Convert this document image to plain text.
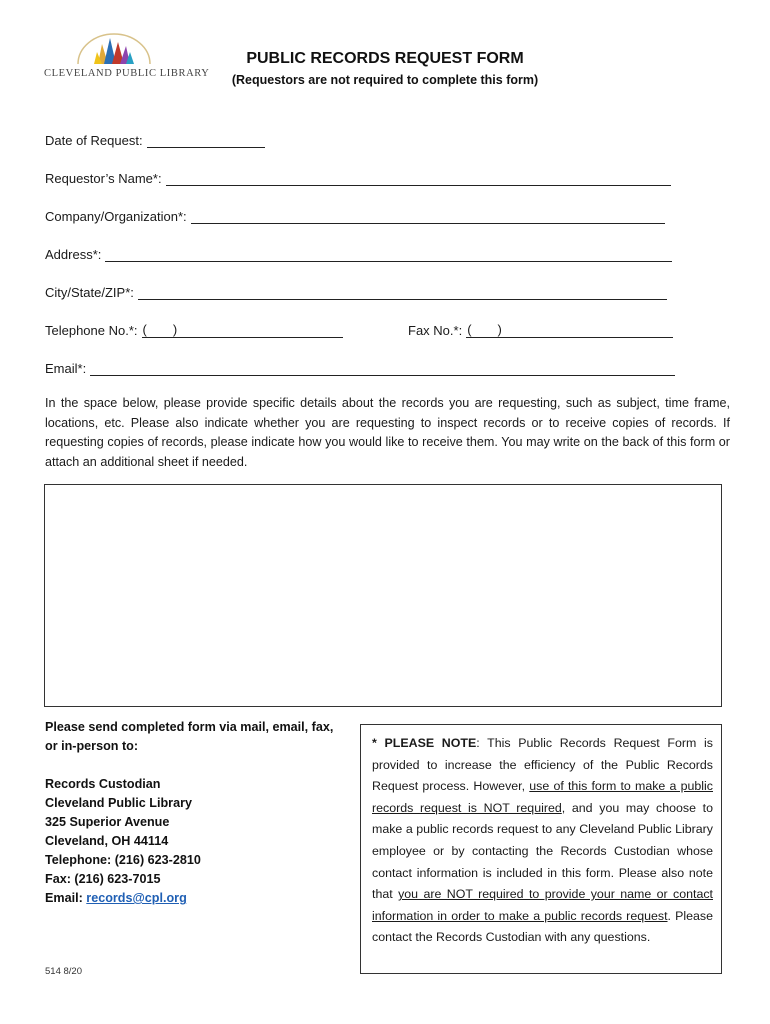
CLEVELAND PUBLIC LIBRARY
PUBLIC RECORDS REQUEST FORM
(Requestors are not required to complete this form)
Date of Request:
Requestor’s Name*:
Company/Organization*:
Address*:
City/State/ZIP*:
Telephone No.*: ( )	Fax No.*: ( )
Email*:
In the space below, please provide specific details about the records you are requesting, such as subject, time frame, locations, etc. Please also indicate whether you are requesting to inspect records or to receive copies of records. If requesting copies of records, please indicate how you would like to receive them. You may write on the back of this form or attach an additional sheet if needed.
Please send completed form via mail, email, fax, or in-person to:
Records Custodian
Cleveland Public Library
325 Superior Avenue
Cleveland, OH 44114
Telephone: (216) 623-2810
Fax: (216) 623-7015
Email: records@cpl.org
* PLEASE NOTE: This Public Records Request Form is provided to increase the efficiency of the Public Records Request process. However, use of this form to make a public records request is NOT required, and you may choose to make a public records request to any Cleveland Public Library employee or by contacting the Records Custodian whose contact information is included in this form. Please also note that you are NOT required to provide your name or contact information in order to make a public records request. Please contact the Records Custodian with any questions.
514 8/20
